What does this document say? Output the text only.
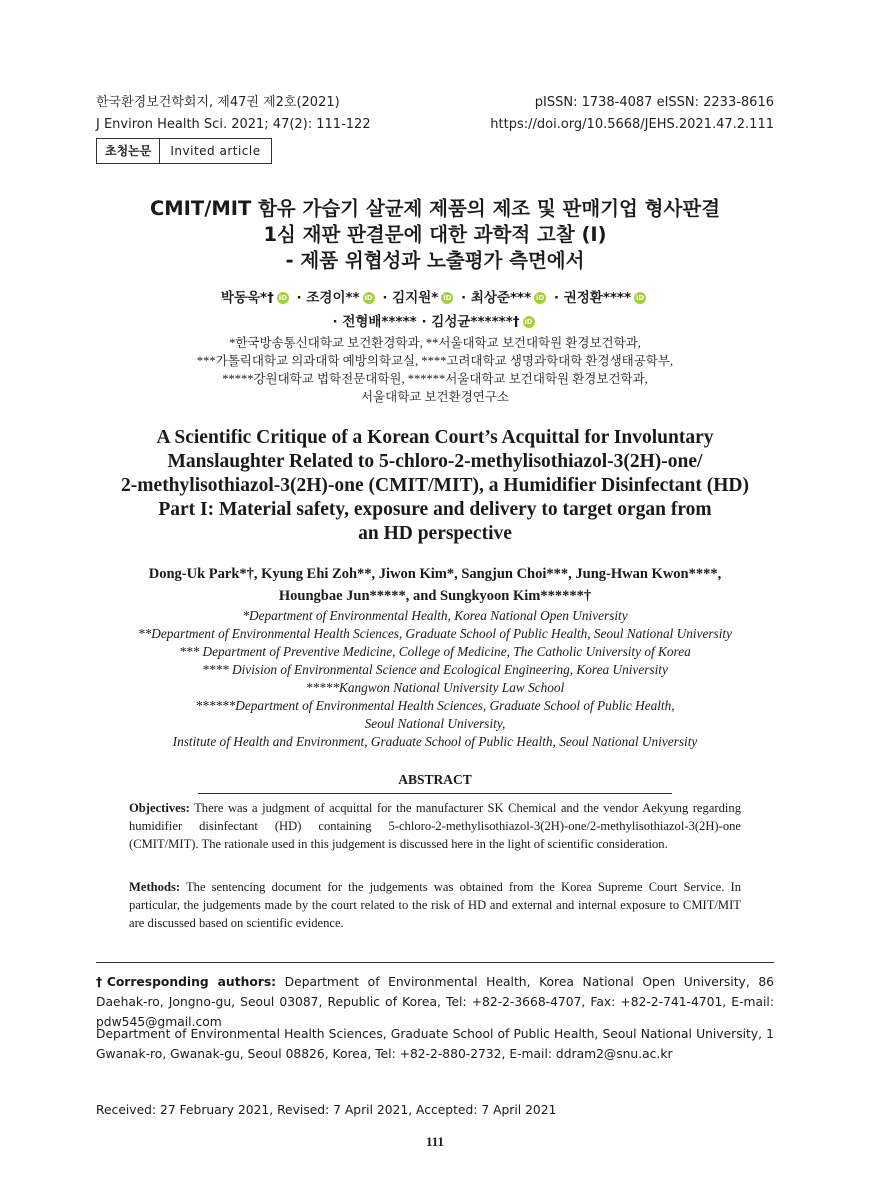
한국환경보건학회지, 제47권 제2호(2021)
J Environ Health Sci. 2021; 47(2): 111-122
pISSN: 1738-4087 eISSN: 2233-8616
https://doi.org/10.5668/JEHS.2021.47.2.111
초청논문	Invited article
CMIT/MIT 함유 가습기 살균제 제품의 제조 및 판매기업 형사판결
1심 재판 판결문에 대한 과학적 고찰 (I)
- 제품 위협성과 노출평가 측면에서
박동욱*† iD · 조경이** iD · 김지원* iD · 최상준*** iD · 권정환**** iD
· 전형배***** · 김성균******† iD
*한국방송통신대학교 보건환경학과, **서울대학교 보건대학원 환경보건학과,
***가톨릭대학교 의과대학 예방의학교실, ****고려대학교 생명과학대학 환경생태공학부,
*****강원대학교 법학전문대학원, ******서울대학교 보건대학원 환경보건학과,
서울대학교 보건환경연구소
A Scientific Critique of a Korean Court’s Acquittal for Involuntary
Manslaughter Related to 5-chloro-2-methylisothiazol-3(2H)-one/
2-methylisothiazol-3(2H)-one (CMIT/MIT), a Humidifier Disinfectant (HD)
Part I: Material safety, exposure and delivery to target organ from
an HD perspective
Dong-Uk Park*†, Kyung Ehi Zoh**, Jiwon Kim*, Sangjun Choi***, Jung-Hwan Kwon****,
Houngbae Jun*****, and Sungkyoon Kim******†
*Department of Environmental Health, Korea National Open University
**Department of Environmental Health Sciences, Graduate School of Public Health, Seoul National University
*** Department of Preventive Medicine, College of Medicine, The Catholic University of Korea
**** Division of Environmental Science and Ecological Engineering, Korea University
*****Kangwon National University Law School
******Department of Environmental Health Sciences, Graduate School of Public Health,
Seoul National University,
Institute of Health and Environment, Graduate School of Public Health, Seoul National University
ABSTRACT
Objectives: There was a judgment of acquittal for the manufacturer SK Chemical and the vendor Aekyung regarding humidifier disinfectant (HD) containing 5-chloro-2-methylisothiazol-3(2H)-one/2-methylisothiazol-3(2H)-one (CMIT/MIT). The rationale used in this judgement is discussed here in the light of scientific consideration.
Methods: The sentencing document for the judgements was obtained from the Korea Supreme Court Service. In particular, the judgements made by the court related to the risk of HD and external and internal exposure to CMIT/MIT are discussed based on scientific evidence.
†Corresponding authors: Department of Environmental Health, Korea National Open University, 86 Daehak-ro, Jongno-gu, Seoul 03087, Republic of Korea, Tel: +82-2-3668-4707, Fax: +82-2-741-4701, E-mail: pdw545@gmail.com
Department of Environmental Health Sciences, Graduate School of Public Health, Seoul National University, 1 Gwanak-ro, Gwanak-gu, Seoul 08826, Korea, Tel: +82-2-880-2732, E-mail: ddram2@snu.ac.kr
Received: 27 February 2021, Revised: 7 April 2021, Accepted: 7 April 2021
111
